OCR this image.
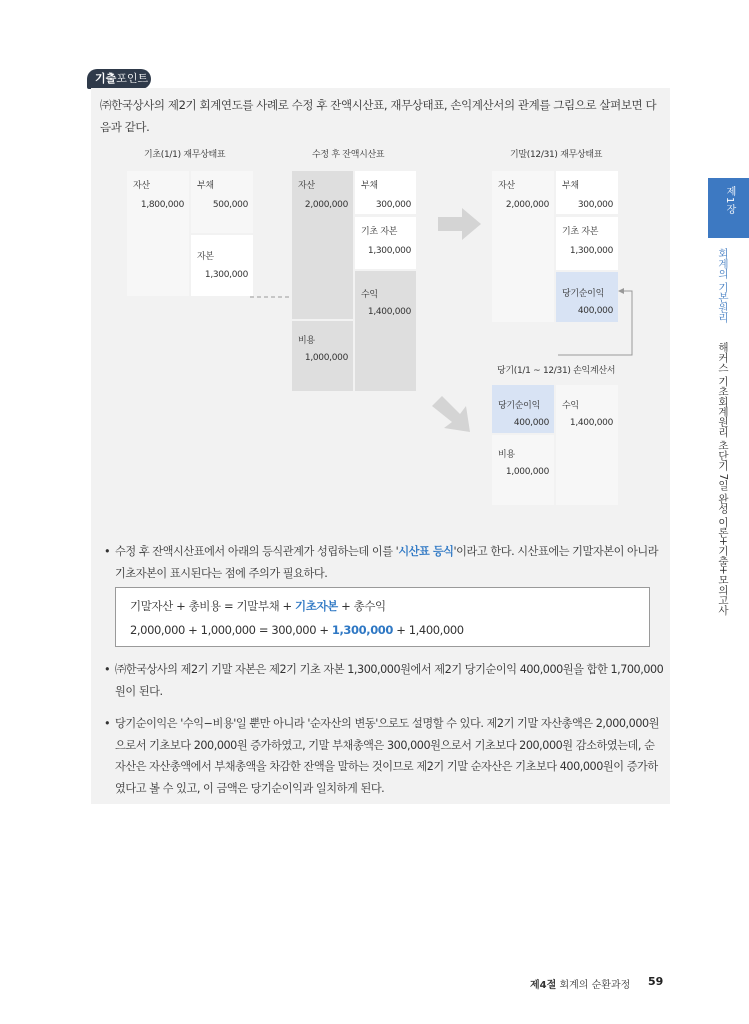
기출포인트
㈜한국상사의 제2기 회계연도를 사례로 수정 후 잔액시산표, 재무상태표, 손익계산서의 관계를 그림으로 살펴보면 다음과 같다.
기초(1/1) 재무상태표	수정 후 잔액시산표	기말(12/31) 재무상태표
당기(1/1 ~ 12/31) 손익계산서
자산
1,800,000
부채
500,000
자본
1,300,000
자산
2,000,000
비용
1,000,000
부채
300,000
기초 자본
1,300,000
수익
1,400,000
자산
2,000,000
부채
300,000
기초 자본
1,300,000
당기순이익
400,000
당기순이익
400,000
비용
1,000,000
수익
1,400,000
• 수정 후 잔액시산표에서 아래의 등식관계가 성립하는데 이를 '시산표 등식'이라고 한다. 시산표에는 기말자본이 아니라 기초자본이 표시된다는 점에 주의가 필요하다.
기말자산 + 총비용 = 기말부채 + 기초자본 + 총수익
2,000,000 + 1,000,000 = 300,000 + 1,300,000 + 1,400,000
• ㈜한국상사의 제2기 기말 자본은 제2기 기초 자본 1,300,000원에서 제2기 당기순이익 400,000원을 합한 1,700,000원이 된다.
• 당기순이익은 '수익−비용'일 뿐만 아니라 '순자산의 변동'으로도 설명할 수 있다. 제2기 기말 자산총액은 2,000,000원으로서 기초보다 200,000원 증가하였고, 기말 부채총액은 300,000원으로서 기초보다 200,000원 감소하였는데, 순자산은 자산총액에서 부채총액을 차감한 잔액을 말하는 것이므로 제2기 기말 순자산은 기초보다 400,000원이 증가하였다고 볼 수 있고, 이 금액은 당기순이익과 일치하게 된다.
제1장
회계의 기본원리
해커스 기초회계원리 초단기 7일 완성 이론+기출+모의고사
제4절 회계의 순환과정 59
